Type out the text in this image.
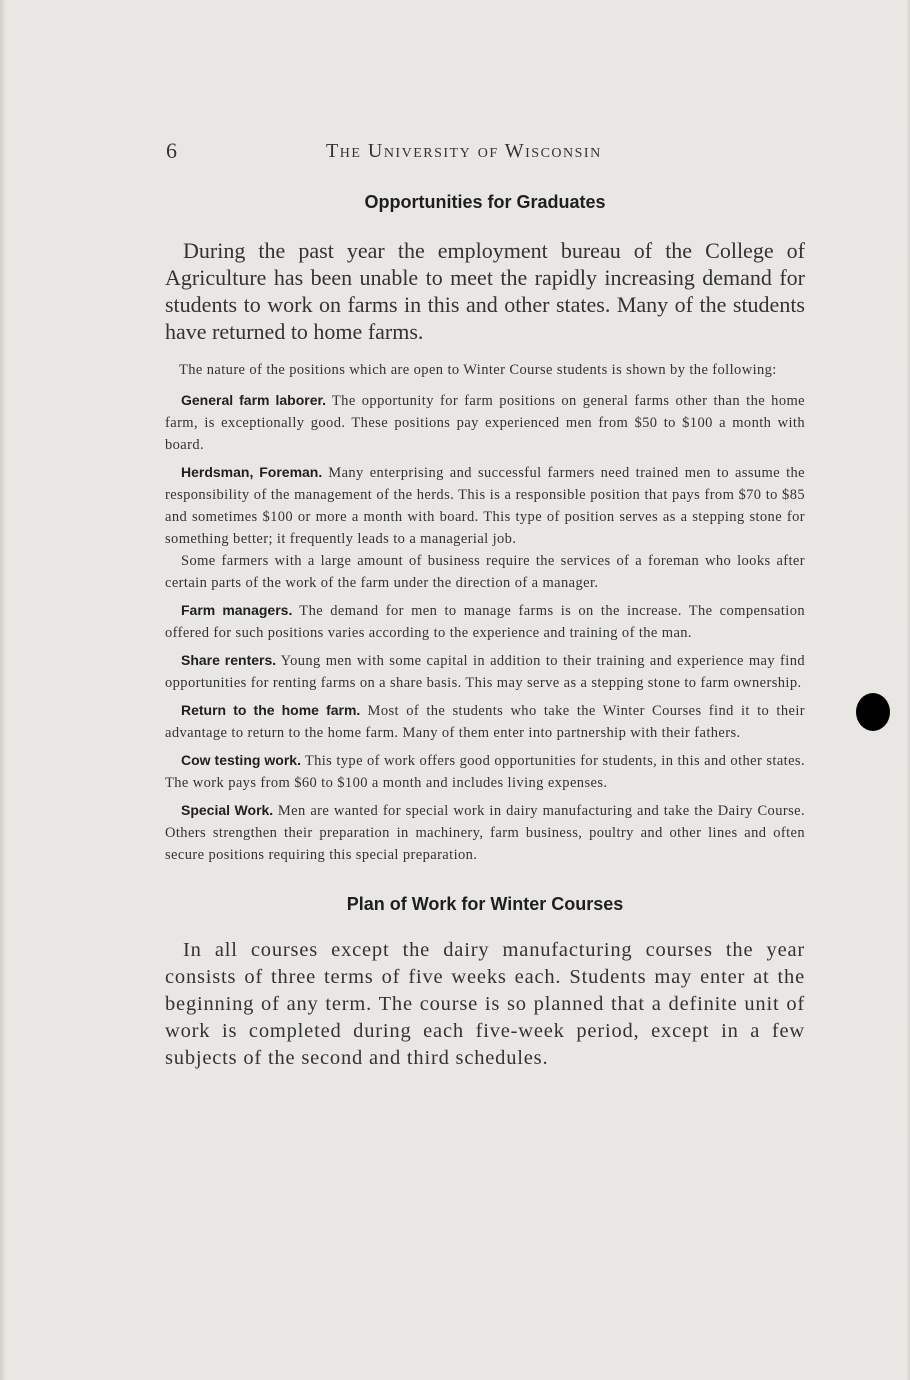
6	The University of Wisconsin
Opportunities for Graduates

During the past year the employment bureau of the College of Agriculture has been unable to meet the rapidly increasing demand for students to work on farms in this and other states. Many of the students have returned to home farms.

The nature of the positions which are open to Winter Course students is shown by the following:

General farm laborer. The opportunity for farm positions on general farms other than the home farm, is exceptionally good. These positions pay experienced men from $50 to $100 a month with board.

Herdsman, Foreman. Many enterprising and successful farmers need trained men to assume the responsibility of the management of the herds. This is a responsible position that pays from $70 to $85 and sometimes $100 or more a month with board. This type of position serves as a stepping stone for something better; it frequently leads to a managerial job.

Some farmers with a large amount of business require the services of a foreman who looks after certain parts of the work of the farm under the direction of a manager.

Farm managers. The demand for men to manage farms is on the increase. The compensation offered for such positions varies according to the experience and training of the man.

Share renters. Young men with some capital in addition to their training and experience may find opportunities for renting farms on a share basis. This may serve as a stepping stone to farm ownership.

Return to the home farm. Most of the students who take the Winter Courses find it to their advantage to return to the home farm. Many of them enter into partnership with their fathers.

Cow testing work. This type of work offers good opportunities for students, in this and other states. The work pays from $60 to $100 a month and includes living expenses.

Special Work. Men are wanted for special work in dairy manufacturing and take the Dairy Course. Others strengthen their preparation in machinery, farm business, poultry and other lines and often secure positions requiring this special preparation.

Plan of Work for Winter Courses

In all courses except the dairy manufacturing courses the year consists of three terms of five weeks each. Students may enter at the beginning of any term. The course is so planned that a definite unit of work is completed during each five-week period, except in a few subjects of the second and third schedules.
